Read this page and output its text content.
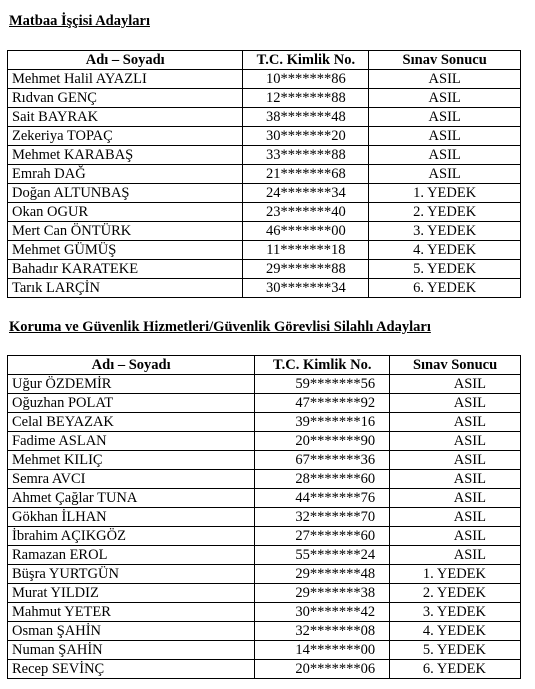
Matbaa İşçisi Adayları
Adı – Soyadı	T.C. Kimlik No.	Sınav Sonucu
Mehmet Halil AYAZLI	10*******86	ASIL
Rıdvan GENÇ	12*******88	ASIL
Sait BAYRAK	38*******48	ASIL
Zekeriya TOPAÇ	30*******20	ASIL
Mehmet KARABAŞ	33*******88	ASIL
Emrah DAĞ	21*******68	ASIL
Doğan ALTUNBAŞ	24*******34	1. YEDEK
Okan OGUR	23*******40	2. YEDEK
Mert Can ÖNTÜRK	46*******00	3. YEDEK
Mehmet GÜMÜŞ	11*******18	4. YEDEK
Bahadır KARATEKE	29*******88	5. YEDEK
Tarık LARÇİN	30*******34	6. YEDEK
Koruma ve Güvenlik Hizmetleri/Güvenlik Görevlisi Silahlı Adayları
Adı – Soyadı	T.C. Kimlik No.	Sınav Sonucu
Uğur ÖZDEMİR	59*******56	ASIL
Oğuzhan POLAT	47*******92	ASIL
Celal BEYAZAK	39*******16	ASIL
Fadime ASLAN	20*******90	ASIL
Mehmet KILIÇ	67*******36	ASIL
Semra AVCI	28*******60	ASIL
Ahmet Çağlar TUNA	44*******76	ASIL
Gökhan İLHAN	32*******70	ASIL
İbrahim AÇIKGÖZ	27*******60	ASIL
Ramazan EROL	55*******24	ASIL
Büşra YURTGÜN	29*******48	1. YEDEK
Murat YILDIZ	29*******38	2. YEDEK
Mahmut YETER	30*******42	3. YEDEK
Osman ŞAHİN	32*******08	4. YEDEK
Numan ŞAHİN	14*******00	5. YEDEK
Recep SEVİNÇ	20*******06	6. YEDEK
